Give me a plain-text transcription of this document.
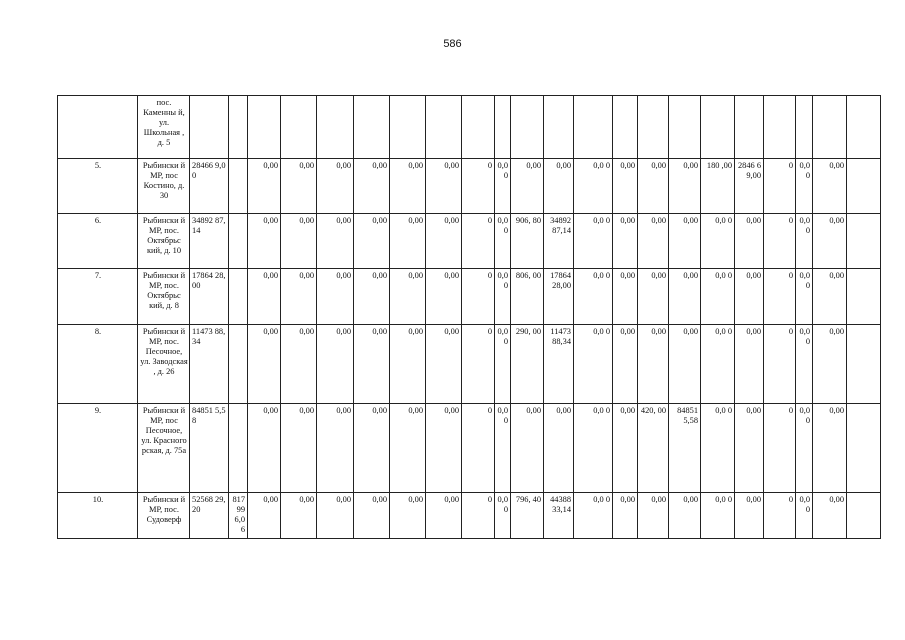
586
	пос. Каменны й, ул. Школьная , д. 5																						
5.	Рыбински й МР, пос Костино, д. 30	28466 9,00		0,00	0,00	0,00	0,00	0,00	0,00	0	0,00	0,00	0,00	0,0 0	0,00	0,00	0,00	180 ,00	2846 69,00	0	0,00	0,00	
6.	Рыбински й МР, пос. Октябрьс кий, д. 10	34892 87,14		0,00	0,00	0,00	0,00	0,00	0,00	0	0,00	906, 80	34892 87,14	0,0 0	0,00	0,00	0,00	0,0 0	0,00	0	0,00	0,00	
7.	Рыбински й МР, пос. Октябрьс кий, д. 8	17864 28,00		0,00	0,00	0,00	0,00	0,00	0,00	0	0,00	806, 00	17864 28,00	0,0 0	0,00	0,00	0,00	0,0 0	0,00	0	0,00	0,00	
8.	Рыбински й МР, пос. Песочное, ул. Заводская , д. 26	11473 88,34		0,00	0,00	0,00	0,00	0,00	0,00	0	0,00	290, 00	11473 88,34	0,0 0	0,00	0,00	0,00	0,0 0	0,00	0	0,00	0,00	
9.	Рыбински й МР, пос Песочное, ул. Красного рская, д. 75а	84851 5,58		0,00	0,00	0,00	0,00	0,00	0,00	0	0,00	0,00	0,00	0,0 0	0,00	420, 00	84851 5,58	0,0 0	0,00	0	0,00	0,00	
10.	Рыбински й МР, пос. Судоверф	52568 29,20	81799 6,06	0,00	0,00	0,00	0,00	0,00	0,00	0	0,00	796, 40	44388 33,14	0,0 0	0,00	0,00	0,00	0,0 0	0,00	0	0,00	0,00	
